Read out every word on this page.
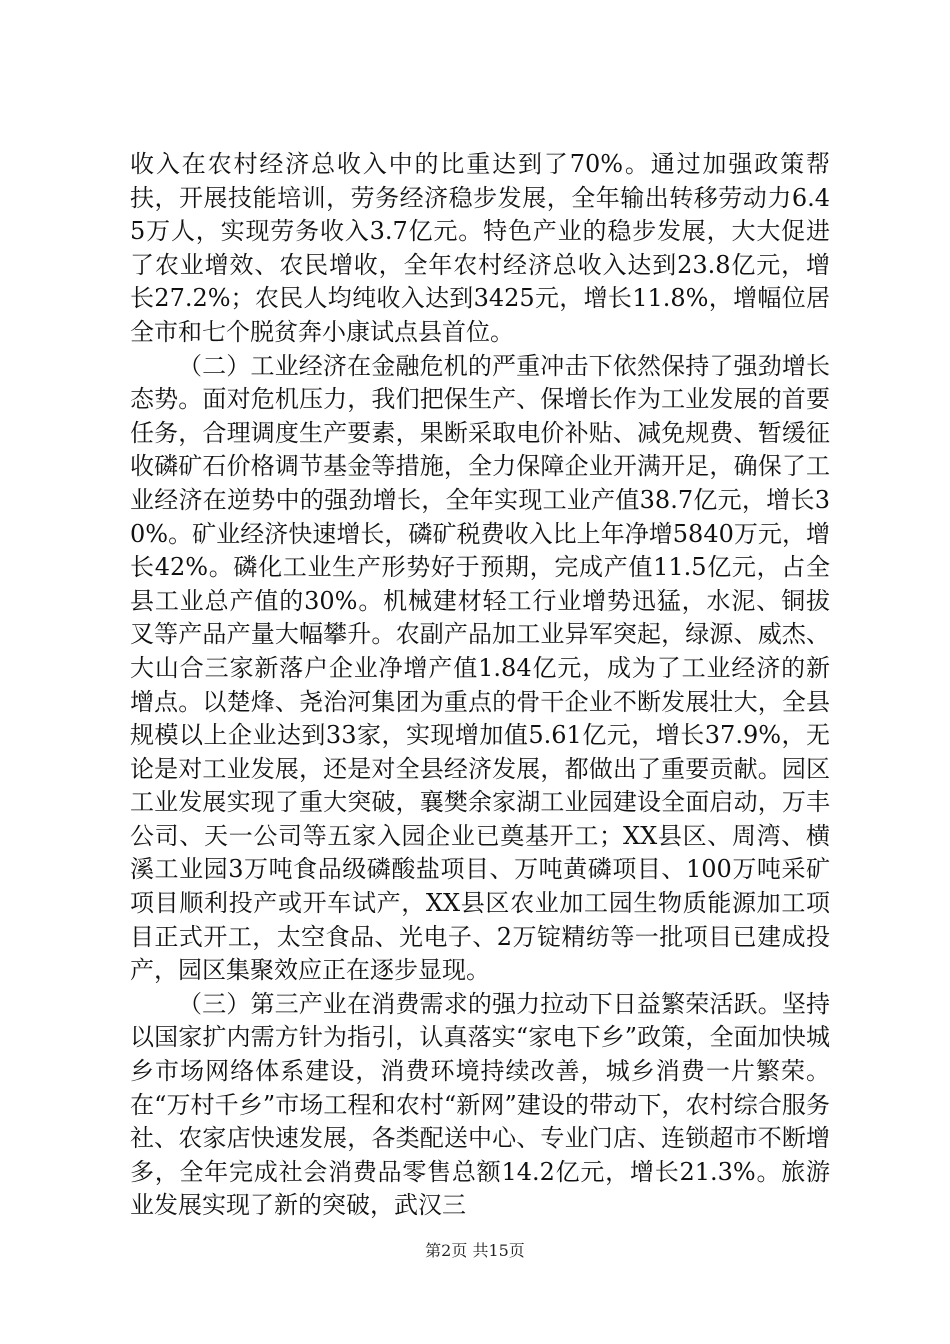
收入在农村经济总收入中的比重达到了70%。通过加强政策帮扶，开展技能培训，劳务经济稳步发展，全年输出转移劳动力6.45万人，实现劳务收入3.7亿元。特色产业的稳步发展，大大促进了农业增效、农民增收，全年农村经济总收入达到23.8亿元，增长27.2%；农民人均纯收入达到3425元，增长11.8%，增幅位居全市和七个脱贫奔小康试点县首位。

（二）工业经济在金融危机的严重冲击下依然保持了强劲增长态势。面对危机压力，我们把保生产、保增长作为工业发展的首要任务，合理调度生产要素，果断采取电价补贴、减免规费、暂缓征收磷矿石价格调节基金等措施，全力保障企业开满开足，确保了工业经济在逆势中的强劲增长，全年实现工业产值38.7亿元，增长30%。矿业经济快速增长，磷矿税费收入比上年净增5840万元，增长42%。磷化工业生产形势好于预期，完成产值11.5亿元，占全县工业总产值的30%。机械建材轻工行业增势迅猛，水泥、铜拔叉等产品产量大幅攀升。农副产品加工业异军突起，绿源、威杰、大山合三家新落户企业净增产值1.84亿元，成为了工业经济的新增点。以楚烽、尧治河集团为重点的骨干企业不断发展壮大，全县规模以上企业达到33家，实现增加值5.61亿元，增长37.9%，无论是对工业发展，还是对全县经济发展，都做出了重要贡献。园区工业发展实现了重大突破，襄樊余家湖工业园建设全面启动，万丰公司、天一公司等五家入园企业已奠基开工；XX县区、周湾、横溪工业园3万吨食品级磷酸盐项目、万吨黄磷项目、100万吨采矿项目顺利投产或开车试产，XX县区农业加工园生物质能源加工项目正式开工，太空食品、光电子、2万锭精纺等一批项目已建成投产，园区集聚效应正在逐步显现。

（三）第三产业在消费需求的强力拉动下日益繁荣活跃。坚持以国家扩内需方针为指引，认真落实“家电下乡”政策，全面加快城乡市场网络体系建设，消费环境持续改善，城乡消费一片繁荣。在“万村千乡”市场工程和农村“新网”建设的带动下，农村综合服务社、农家店快速发展，各类配送中心、专业门店、连锁超市不断增多，全年完成社会消费品零售总额14.2亿元，增长21.3%。旅游业发展实现了新的突破，武汉三

第2页 共15页
